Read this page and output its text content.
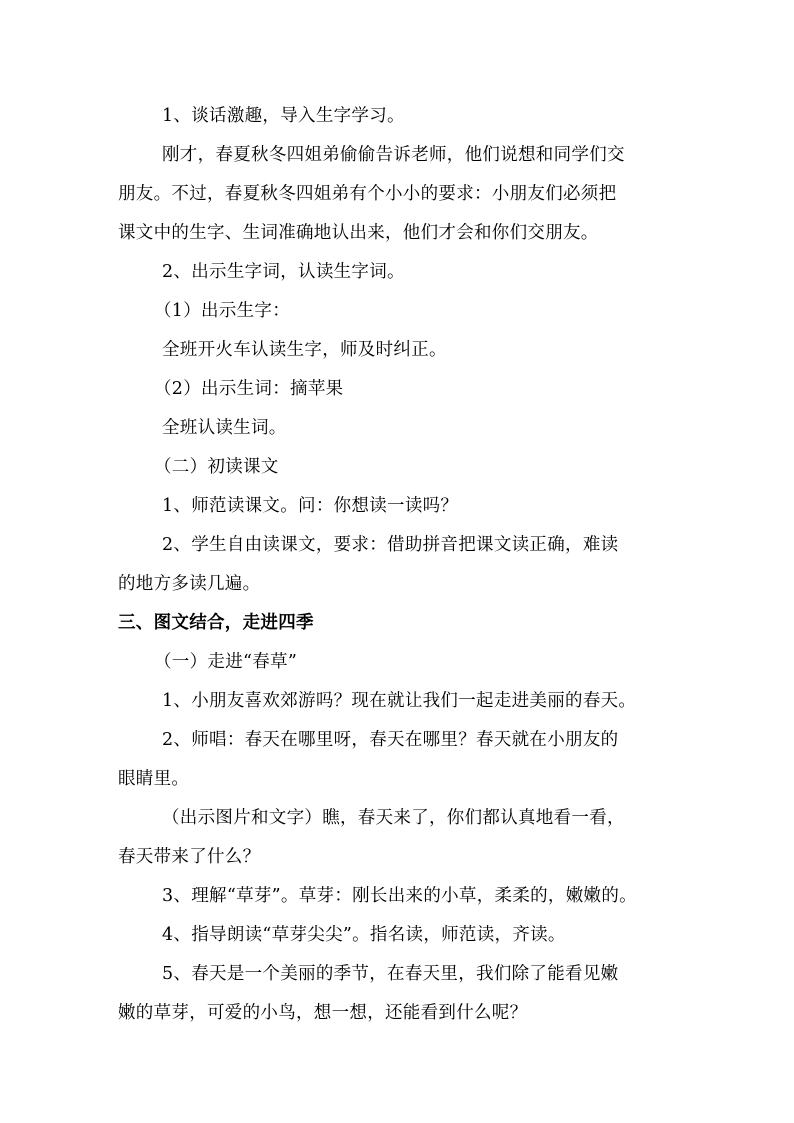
1、谈话激趣，导入生字学习。
刚才，春夏秋冬四姐弟偷偷告诉老师，他们说想和同学们交
朋友。不过，春夏秋冬四姐弟有个小小的要求：小朋友们必须把
课文中的生字、生词准确地认出来，他们才会和你们交朋友。
2、出示生字词，认读生字词。
（1）出示生字：
全班开火车认读生字，师及时纠正。
（2）出示生词：摘苹果
全班认读生词。
（二）初读课文
1、师范读课文。问：你想读一读吗？
2、学生自由读课文，要求：借助拼音把课文读正确，难读
的地方多读几遍。
三、图文结合，走进四季
（一）走进“春草”
1、小朋友喜欢郊游吗？现在就让我们一起走进美丽的春天。
2、师唱：春天在哪里呀，春天在哪里？春天就在小朋友的
眼睛里。
（出示图片和文字）瞧，春天来了，你们都认真地看一看，
春天带来了什么？
3、理解“草芽”。草芽：刚长出来的小草，柔柔的，嫩嫩的。
4、指导朗读“草芽尖尖”。指名读，师范读，齐读。
5、春天是一个美丽的季节，在春天里，我们除了能看见嫩
嫩的草芽，可爱的小鸟，想一想，还能看到什么呢？
